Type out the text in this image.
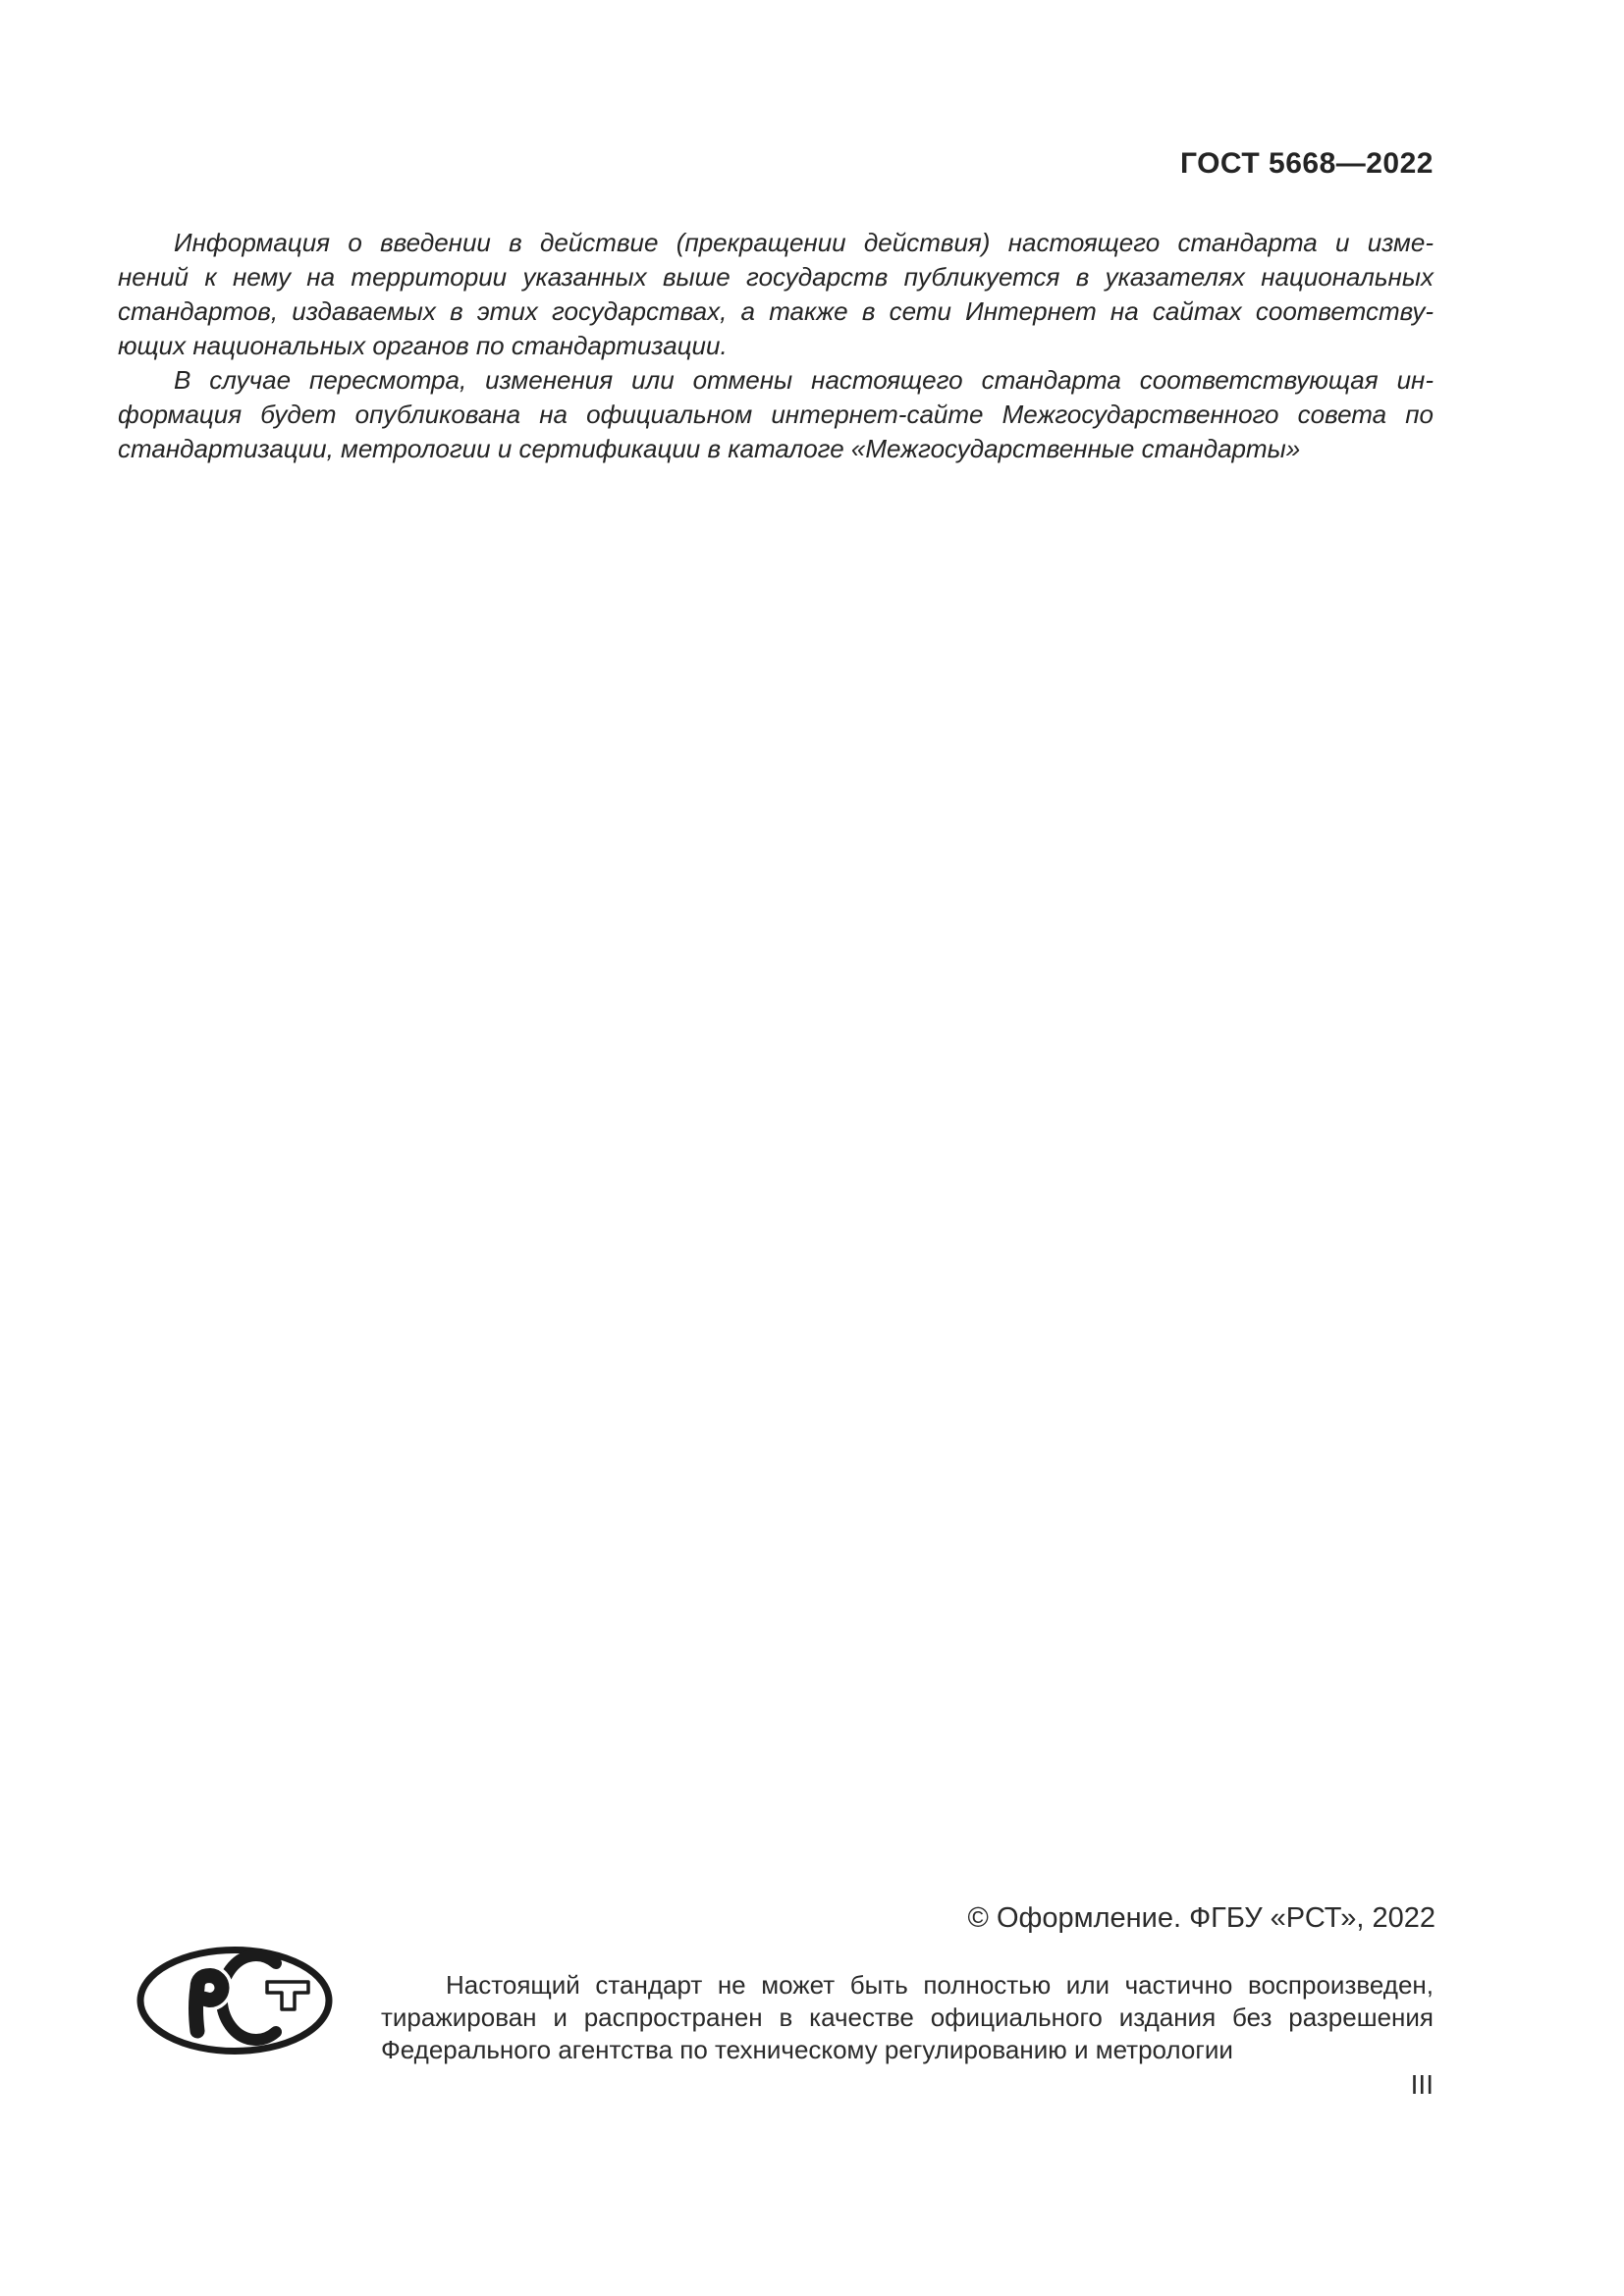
ГОСТ 5668—2022
Информация о введении в действие (прекращении действия) настоящего стандарта и изме-
нений к нему на территории указанных выше государств публикуется в указателях национальных
стандартов, издаваемых в этих государствах, а также в сети Интернет на сайтах соответству-
ющих национальных органов по стандартизации.
В случае пересмотра, изменения или отмены настоящего стандарта соответствующая ин-
формация будет опубликована на официальном интернет-сайте Межгосударственного совета по
стандартизации, метрологии и сертификации в каталоге «Межгосударственные стандарты»
© Оформление. ФГБУ «РСТ», 2022
Настоящий стандарт не может быть полностью или частично воспроизведен,
тиражирован и распространен в качестве официального издания без разрешения
Федерального агентства по техническому регулированию и метрологии
III
